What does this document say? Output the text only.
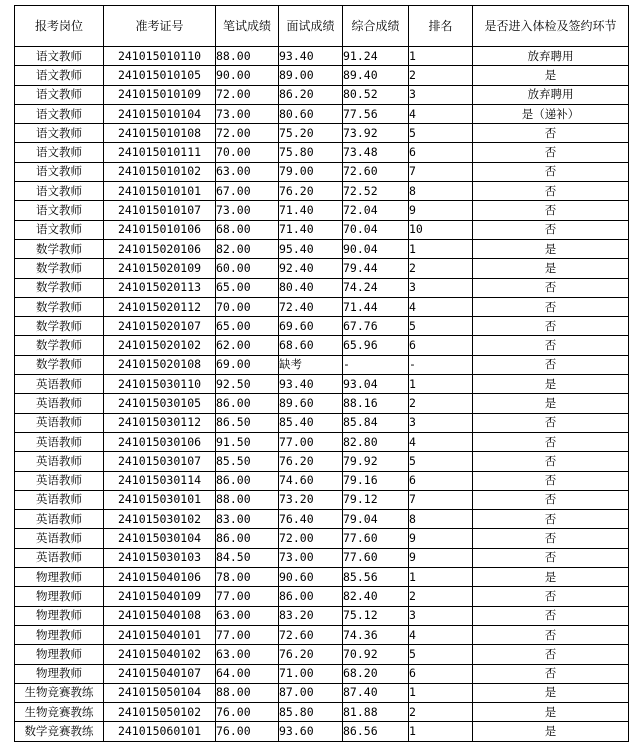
报考岗位	准考证号	笔试成绩	面试成绩	综合成绩	排名	是否进入体检及签约环节
语文教师	241015010110	88.00	93.40	91.24	1	放弃聘用
语文教师	241015010105	90.00	89.00	89.40	2	是
语文教师	241015010109	72.00	86.20	80.52	3	放弃聘用
语文教师	241015010104	73.00	80.60	77.56	4	是（递补）
语文教师	241015010108	72.00	75.20	73.92	5	否
语文教师	241015010111	70.00	75.80	73.48	6	否
语文教师	241015010102	63.00	79.00	72.60	7	否
语文教师	241015010101	67.00	76.20	72.52	8	否
语文教师	241015010107	73.00	71.40	72.04	9	否
语文教师	241015010106	68.00	71.40	70.04	10	否
数学教师	241015020106	82.00	95.40	90.04	1	是
数学教师	241015020109	60.00	92.40	79.44	2	是
数学教师	241015020113	65.00	80.40	74.24	3	否
数学教师	241015020112	70.00	72.40	71.44	4	否
数学教师	241015020107	65.00	69.60	67.76	5	否
数学教师	241015020102	62.00	68.60	65.96	6	否
数学教师	241015020108	69.00	缺考	-	-	否
英语教师	241015030110	92.50	93.40	93.04	1	是
英语教师	241015030105	86.00	89.60	88.16	2	是
英语教师	241015030112	86.50	85.40	85.84	3	否
英语教师	241015030106	91.50	77.00	82.80	4	否
英语教师	241015030107	85.50	76.20	79.92	5	否
英语教师	241015030114	86.00	74.60	79.16	6	否
英语教师	241015030101	88.00	73.20	79.12	7	否
英语教师	241015030102	83.00	76.40	79.04	8	否
英语教师	241015030104	86.00	72.00	77.60	9	否
英语教师	241015030103	84.50	73.00	77.60	9	否
物理教师	241015040106	78.00	90.60	85.56	1	是
物理教师	241015040109	77.00	86.00	82.40	2	否
物理教师	241015040108	63.00	83.20	75.12	3	否
物理教师	241015040101	77.00	72.60	74.36	4	否
物理教师	241015040102	63.00	76.20	70.92	5	否
物理教师	241015040107	64.00	71.00	68.20	6	否
生物竞赛教练	241015050104	88.00	87.00	87.40	1	是
生物竞赛教练	241015050102	76.00	85.80	81.88	2	是
数学竞赛教练	241015060101	76.00	93.60	86.56	1	是
